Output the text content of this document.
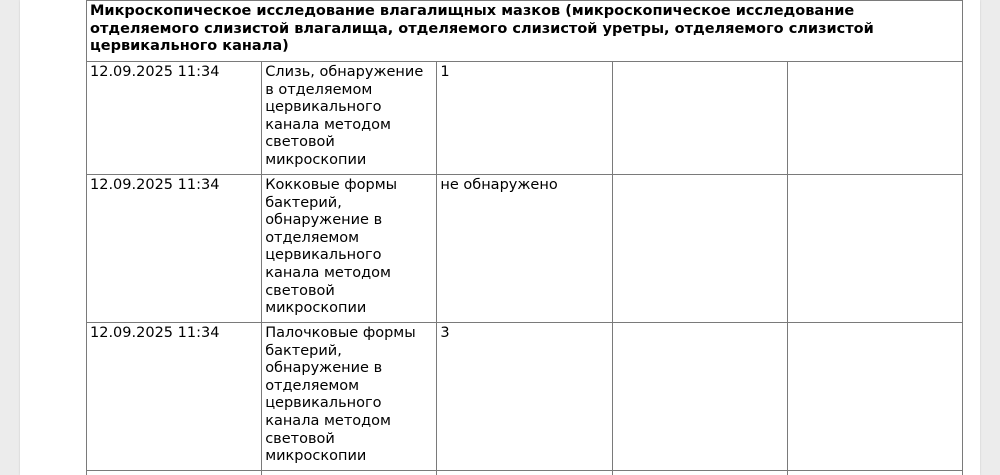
Микроскопическое исследование влагалищных мазков (микроскопическое исследование отделяемого слизистой влагалища, отделяемого слизистой уретры, отделяемого слизистой цервикального канала)				
12.09.2025 11:34	Слизь, обнаружение в отделяемом цервикального канала методом световой микроскопии	1		
12.09.2025 11:34	Кокковые формы бактерий, обнаружение в отделяемом цервикального канала методом световой микроскопии	не обнаружено		
12.09.2025 11:34	Палочковые формы бактерий, обнаружение в отделяемом цервикального канала методом световой микроскопии	3		
